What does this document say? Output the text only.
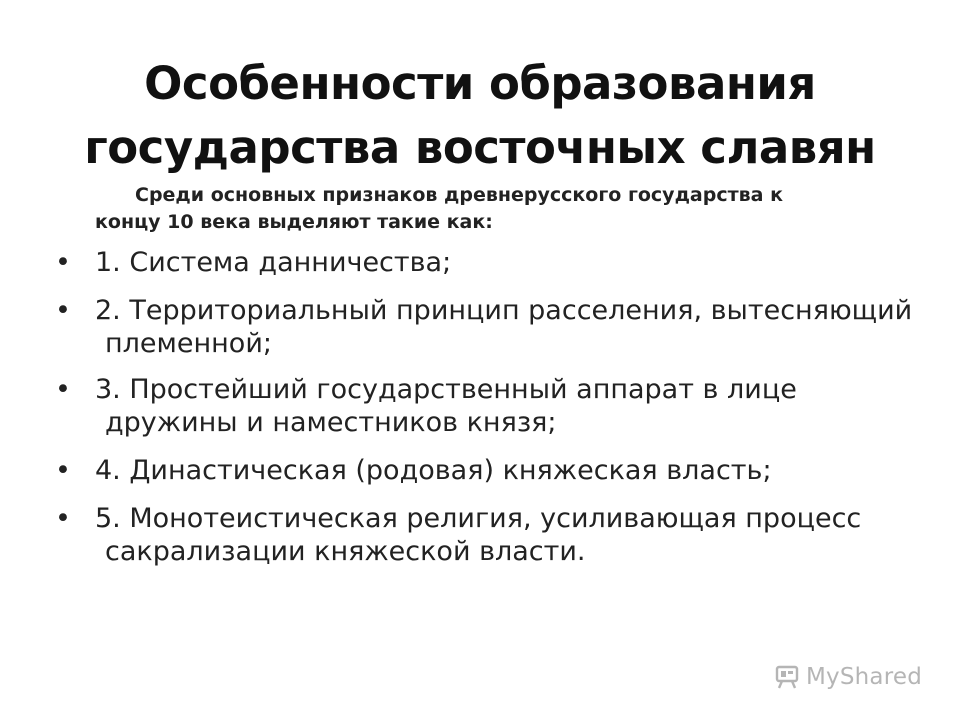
Особенности образования
государства восточных славян
Среди основных признаков древнерусского государства к концу 10 века выделяют такие как:
• 1. Система данничества;
• 2. Территориальный принцип расселения, вытесняющий племенной;
• 3. Простейший государственный аппарат в лице дружины и наместников князя;
• 4. Династическая (родовая) княжеская власть;
• 5. Монотеистическая религия, усиливающая процесс сакрализации княжеской власти.
MyShared
